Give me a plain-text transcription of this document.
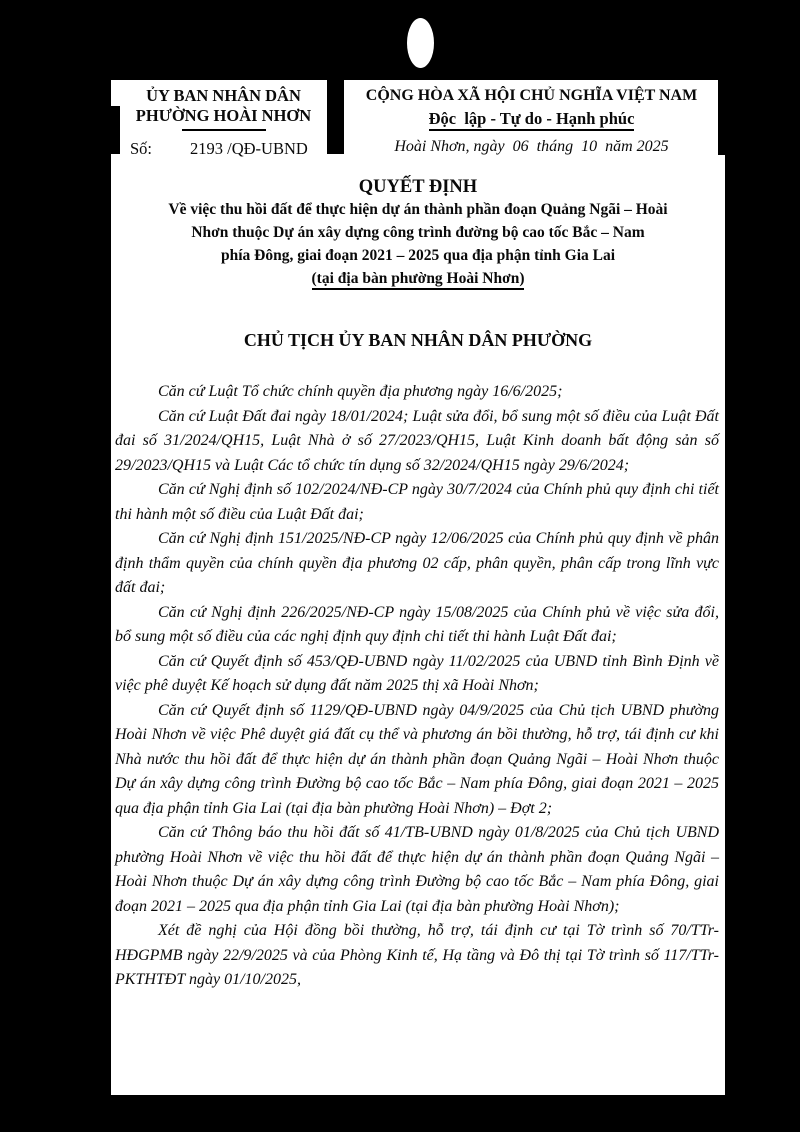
ỦY BAN NHÂN DÂN
PHƯỜNG HOÀI NHƠN
Số: 2193 /QĐ-UBND
CỘNG HÒA XÃ HỘI CHỦ NGHĨA VIỆT NAM
Độc  lập - Tự do - Hạnh phúc
Hoài Nhơn, ngày  06  tháng  10  năm 2025
QUYẾT ĐỊNH
Về việc thu hồi đất để thực hiện dự án thành phần đoạn Quảng Ngãi – Hoài
Nhơn thuộc Dự án xây dựng công trình đường bộ cao tốc Bắc – Nam
phía Đông, giai đoạn 2021 – 2025 qua địa phận tỉnh Gia Lai
(tại địa bàn phường Hoài Nhơn)
CHỦ TỊCH ỦY BAN NHÂN DÂN PHƯỜNG

Căn cứ Luật Tổ chức chính quyền địa phương ngày 16/6/2025;

Căn cứ Luật Đất đai ngày 18/01/2024; Luật sửa đổi, bổ sung một số điều của Luật Đất đai số 31/2024/QH15, Luật Nhà ở số 27/2023/QH15, Luật Kinh doanh bất động sản số 29/2023/QH15 và Luật Các tổ chức tín dụng số 32/2024/QH15 ngày 29/6/2024;

Căn cứ Nghị định số 102/2024/NĐ-CP ngày 30/7/2024 của Chính phủ quy định chi tiết thi hành một số điều của Luật Đất đai;

Căn cứ Nghị định 151/2025/NĐ-CP ngày 12/06/2025 của Chính phủ quy định về phân định thẩm quyền của chính quyền địa phương 02 cấp, phân quyền, phân cấp trong lĩnh vực đất đai;

Căn cứ Nghị định 226/2025/NĐ-CP ngày 15/08/2025 của Chính phủ về việc sửa đổi, bổ sung một số điều của các nghị định quy định chi tiết thi hành Luật Đất đai;

Căn cứ Quyết định số 453/QĐ-UBND ngày 11/02/2025 của UBND tỉnh Bình Định về việc phê duyệt Kế hoạch sử dụng đất năm 2025 thị xã Hoài Nhơn;

Căn cứ Quyết định số 1129/QĐ-UBND ngày 04/9/2025 của Chủ tịch UBND phường Hoài Nhơn về việc Phê duyệt giá đất cụ thể và phương án bồi thường, hỗ trợ, tái định cư khi Nhà nước thu hồi đất để thực hiện dự án thành phần đoạn Quảng Ngãi – Hoài Nhơn thuộc Dự án xây dựng công trình Đường bộ cao tốc Bắc – Nam phía Đông, giai đoạn 2021 – 2025 qua địa phận tỉnh Gia Lai (tại địa bàn phường Hoài Nhơn) – Đợt 2;

Căn cứ Thông báo thu hồi đất số 41/TB-UBND ngày 01/8/2025 của Chủ tịch UBND phường Hoài Nhơn về việc thu hồi đất để thực hiện dự án thành phần đoạn Quảng Ngãi – Hoài Nhơn thuộc Dự án xây dựng công trình Đường bộ cao tốc Bắc – Nam phía Đông, giai đoạn 2021 – 2025 qua địa phận tỉnh Gia Lai (tại địa bàn phường Hoài Nhơn);

Xét đề nghị của Hội đồng bồi thường, hỗ trợ, tái định cư tại Tờ trình số 70/TTr-HĐGPMB ngày 22/9/2025 và của Phòng Kinh tế, Hạ tầng và Đô thị tại Tờ trình số 117/TTr-PKTHTĐT ngày 01/10/2025,
